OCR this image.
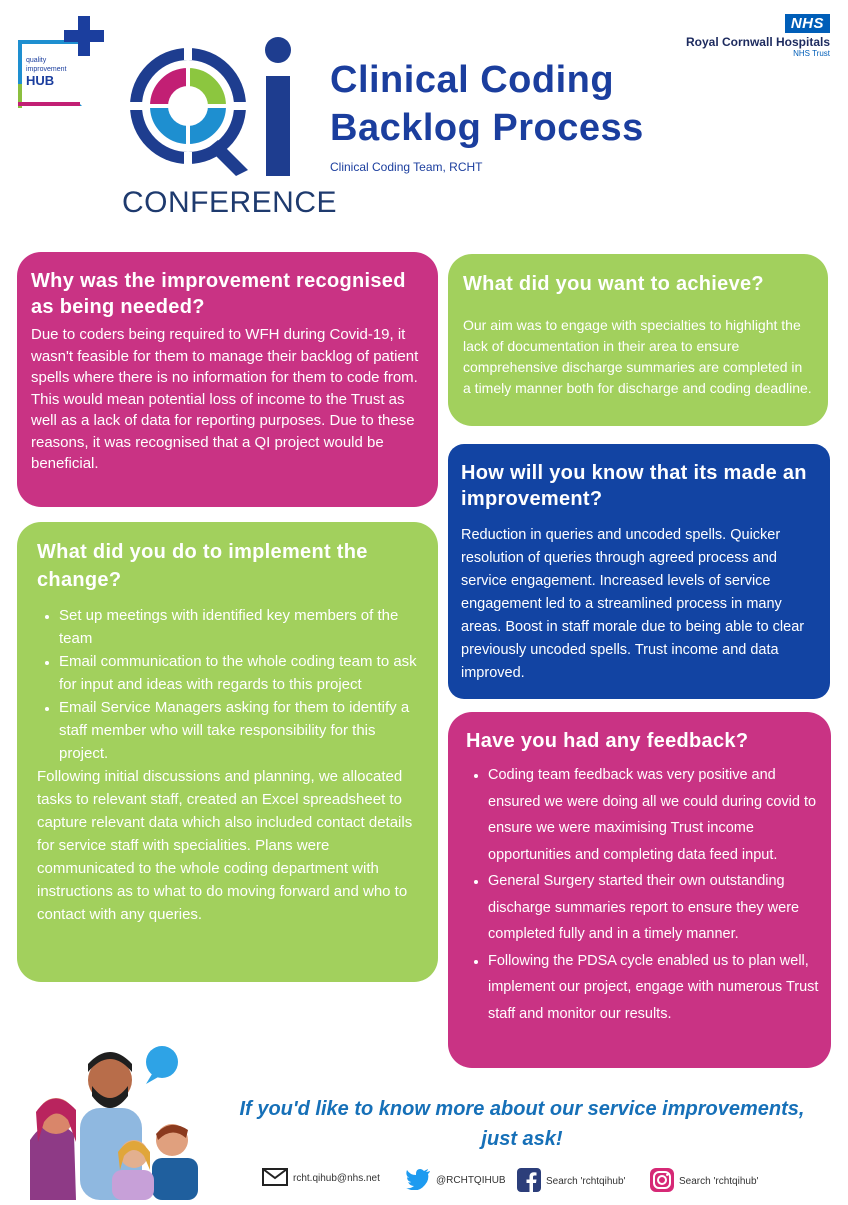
quality
improvement
HUB
CONFERENCE
NHS
Royal Cornwall Hospitals
NHS Trust
Clinical Coding
Backlog Process
Clinical Coding Team, RCHT
Why was the improvement recognised as being needed?

Due to coders being required to WFH during Covid-19, it wasn't feasible for them to manage their backlog of patient spells where there is no information for them to code from.

This would mean potential loss of income to the Trust as well as a lack of data for reporting purposes. Due to these reasons, it was recognised that a QI project would be beneficial.

What did you want to achieve?

Our aim was to engage with specialties to highlight the lack of documentation in their area to ensure comprehensive discharge summaries are completed in a timely manner both for discharge and coding deadline.

How will you know that its made an improvement?

Reduction in queries and uncoded spells. Quicker resolution of queries through agreed process and service engagement. Increased levels of service engagement led to a streamlined process in many areas. Boost in staff morale due to being able to clear previously uncoded spells. Trust income and data improved.

What did you do to implement the change?
• Set up meetings with identified key members of the team
• Email communication to the whole coding team to ask for input and ideas with regards to this project
• Email Service Managers asking for them to identify a staff member who will take responsibility for this project.

Following initial discussions and planning, we allocated tasks to relevant staff, created an Excel spreadsheet to capture relevant data which also included contact details for service staff with specialities. Plans were communicated to the whole coding department with instructions as to what to do moving forward and who to contact with any queries.

Have you had any feedback?
• Coding team feedback was very positive and ensured we were doing all we could during covid to ensure we were maximising Trust income opportunities and completing data feed input.
• General Surgery started their own outstanding discharge summaries report to ensure they were completed fully and in a timely manner.
• Following the PDSA cycle enabled us to plan well, implement our project, engage with numerous Trust staff and monitor our results.
If you'd like to know more about our service improvements,
just ask!
rcht.qihub@nhs.net	@RCHTQIHUB	Search 'rchtqihub'	Search 'rchtqihub'
